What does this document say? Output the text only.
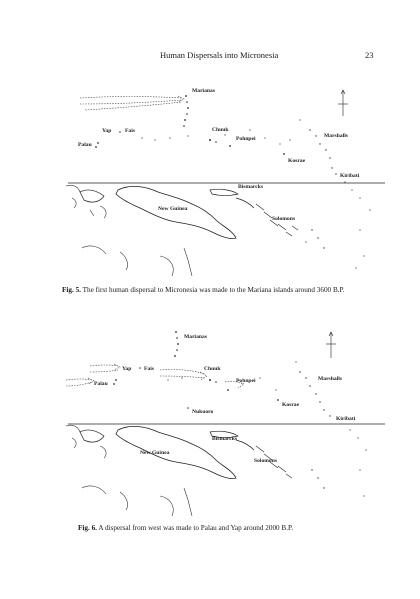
Human Dispersals into Micronesia	23
Marianas
Yap Fais
Palau
Chuuk
Pohnpei	Marshalls
Kosrae
Kiribati
New Guinea
Bismarcks
Solomons
Fig. 5. The first human dispersal to Micronesia was made to the Mariana islands around 3600 B.P.
Marianas
Yap Fais
Palau
Chuuk
Pohnpei	Marshalls
Kosrae
Nukuoro
Kiribati
New Guinea
Bismarcks
Solomons
Fig. 6. A dispersal from west was made to Palau and Yap around 2000 B.P.
